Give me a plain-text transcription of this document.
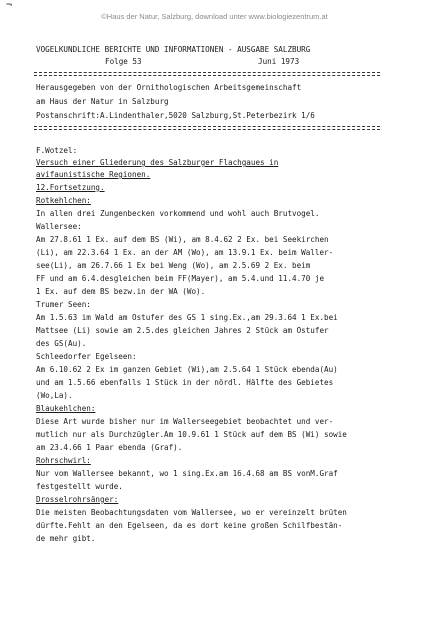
¬
©Haus der Natur, Salzburg, download unter www.biologiezentrum.at
VOGELKUNDLICHE BERICHTE UND INFORMATIONEN - AUSGABE SALZBURG
Folge 53	Juni 1973
Herausgegeben von der Ornithologischen Arbeitsgemeinschaft
am Haus der Natur in Salzburg
Postanschrift:A.Lindenthaler,5020 Salzburg,St.Peterbezirk 1/6
F.Wotzel:
Versuch einer Gliederung des Salzburger Flachgaues in
avifaunistische Regionen.
12.Fortsetzung.
Rotkehlchen:
In allen drei Zungenbecken vorkommend und wohl auch Brutvogel.
Wallersee:
Am 27.8.61 1 Ex. auf dem BS (Wi), am 8.4.62 2 Ex. bei Seekirchen
(Li), am 22.3.64 1 Ex. an der AM (Wo), am 13.9.1 Ex. beim Waller-
see(Li), am 26.7.66 1 Ex bei Weng (Wo), am 2.5.69 2 Ex. beim
FF und am 6.4.desgleichen beim FF(Mayer), am 5.4.und 11.4.70 je
1 Ex. auf dem BS bezw.in der WA (Wo).
Trumer Seen:
Am 1.5.63 im Wald am Ostufer des GS 1 sing.Ex.,am 29.3.64 1 Ex.bei
Mattsee (Li) sowie am 2.5.des gleichen Jahres 2 Stück am Ostufer
des GS(Au).
Schleedorfer Egelseen:
Am 6.10.62 2 Ex im ganzen Gebiet (Wi),am 2.5.64 1 Stück ebenda(Au)
und am 1.5.66 ebenfalls 1 Stück in der nördl. Hälfte des Gebietes
(Wo,La).
Blaukehlchen:
Diese Art wurde bisher nur im Wallerseegebiet beobachtet und ver-
mutlich nur als Durchzügler.Am 10.9.61 1 Stück auf dem BS (Wi) sowie
am 23.4.66 1 Paar ebenda (Graf).
Rohrschwirl:
Nur vom Wallersee bekannt, wo 1 sing.Ex.am 16.4.68 am BS vonM.Graf
festgestellt wurde.
Drosselrohrsänger:
Die meisten Beobachtungsdaten vom Wallersee, wo er vereinzelt brüten
dürfte.Fehlt an den Egelseen, da es dort keine großen Schilfbestän-
de mehr gibt.
